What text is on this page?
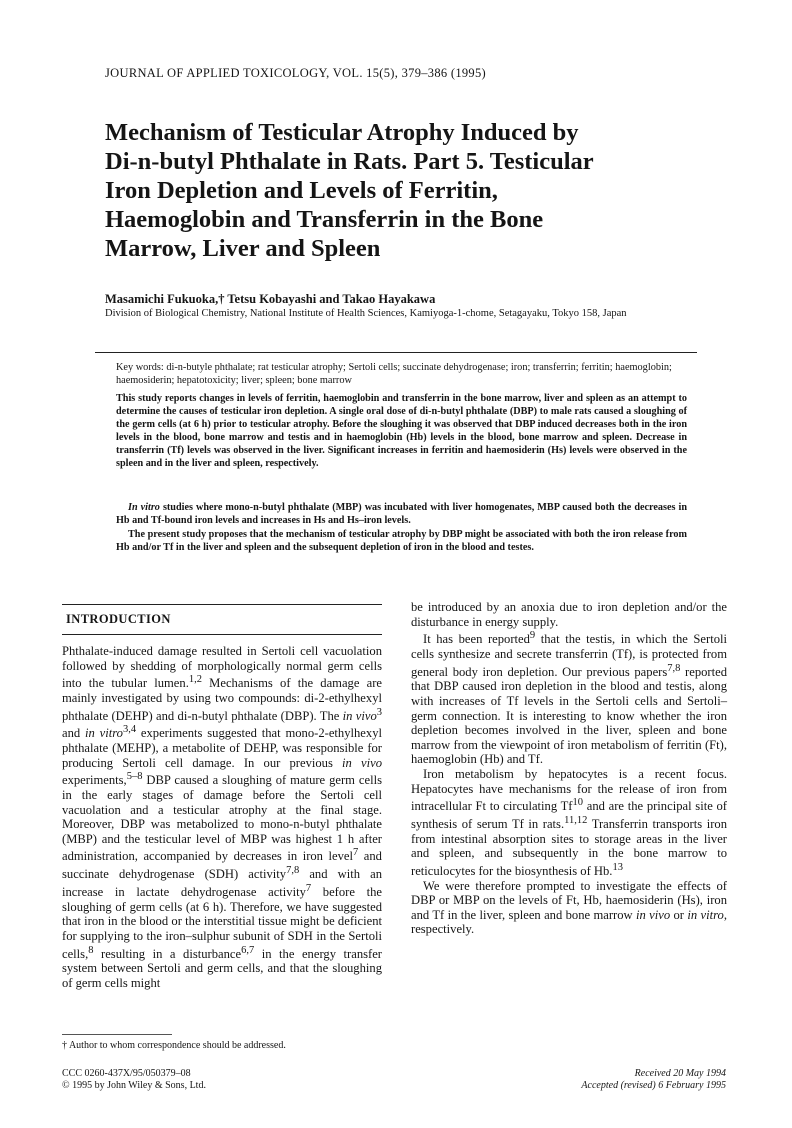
JOURNAL OF APPLIED TOXICOLOGY, VOL. 15(5), 379–386 (1995)
Mechanism of Testicular Atrophy Induced by
Di-n-butyl Phthalate in Rats. Part 5. Testicular
Iron Depletion and Levels of Ferritin,
Haemoglobin and Transferrin in the Bone
Marrow, Liver and Spleen
Masamichi Fukuoka,† Tetsu Kobayashi and Takao Hayakawa
Division of Biological Chemistry, National Institute of Health Sciences, Kamiyoga-1-chome, Setagayaku, Tokyo 158, Japan
Key words: di-n-butyle phthalate; rat testicular atrophy; Sertoli cells; succinate dehydrogenase; iron; transferrin; ferritin; haemoglobin; haemosiderin; hepatotoxicity; liver; spleen; bone marrow
This study reports changes in levels of ferritin, haemoglobin and transferrin in the bone marrow, liver and spleen as an attempt to determine the causes of testicular iron depletion. A single oral dose of di-n-butyl phthalate (DBP) to male rats caused a sloughing of the germ cells (at 6 h) prior to testicular atrophy. Before the sloughing it was observed that DBP induced decreases both in the iron levels in the blood, bone marrow and testis and in haemoglobin (Hb) levels in the blood, bone marrow and spleen. Decrease in transferrin (Tf) levels was observed in the liver. Significant increases in ferritin and haemosiderin (Hs) levels were observed in the spleen and in the liver and spleen, respectively.
In vitro studies where mono-n-butyl phthalate (MBP) was incubated with liver homogenates, MBP caused both the decreases in Hb and Tf-bound iron levels and increases in Hs and Hs–iron levels.
The present study proposes that the mechanism of testicular atrophy by DBP might be associated with both the iron release from Hb and/or Tf in the liver and spleen and the subsequent depletion of iron in the blood and testes.
INTRODUCTION

Phthalate-induced damage resulted in Sertoli cell vacuolation followed by shedding of morphologically normal germ cells into the tubular lumen.$^{1,2}$ Mechanisms of the damage are mainly investigated by using two compounds: di-2-ethylhexyl phthalate (DEHP) and di-n-butyl phthalate (DBP). The in vivo$^3$ and in vitro$^{3,4}$ experiments suggested that mono-2-ethylhexyl phthalate (MEHP), a metabolite of DEHP, was responsible for producing Sertoli cell damage. In our previous in vivo experiments,$^{5-8}$ DBP caused a sloughing of mature germ cells in the early stages of damage before the Sertoli cell vacuolation and a testicular atrophy at the final stage. Moreover, DBP was metabolized to mono-n-butyl phthalate (MBP) and the testicular level of MBP was highest 1 h after administration, accompanied by decreases in iron level$^7$ and succinate dehydrogenase (SDH) activity$^{7,8}$ and with an increase in lactate dehydrogenase activity$^7$ before the sloughing of germ cells (at 6 h). Therefore, we have suggested that iron in the blood or the interstitial tissue might be deficient for supplying to the iron–sulphur subunit of SDH in the Sertoli cells,$^8$ resulting in a disturbance$^{6,7}$ in the energy transfer system between Sertoli and germ cells, and that the sloughing of germ cells might

be introduced by an anoxia due to iron depletion and/or the disturbance in energy supply.

It has been reported$^9$ that the testis, in which the Sertoli cells synthesize and secrete transferrin (Tf), is protected from general body iron depletion. Our previous papers$^{7,8}$ reported that DBP caused iron depletion in the blood and testis, along with increases of Tf levels in the Sertoli cells and Sertoli–germ connection. It is interesting to know whether the iron depletion becomes involved in the liver, spleen and bone marrow from the viewpoint of iron metabolism of ferritin (Ft), haemoglobin (Hb) and Tf.

Iron metabolism by hepatocytes is a recent focus. Hepatocytes have mechanisms for the release of iron from intracellular Ft to circulating Tf$^{10}$ and are the principal site of synthesis of serum Tf in rats.$^{11,12}$ Transferrin transports iron from intestinal absorption sites to storage areas in the liver and spleen, and subsequently in the bone marrow to reticulocytes for the biosynthesis of Hb.$^{13}$

We were therefore prompted to investigate the effects of DBP or MBP on the levels of Ft, Hb, haemosiderin (Hs), iron and Tf in the liver, spleen and bone marrow in vivo or in vitro, respectively.

† Author to whom correspondence should be addressed.
CCC 0260-437X/95/050379–08
© 1995 by John Wiley & Sons, Ltd.
Received 20 May 1994
Accepted (revised) 6 February 1995
